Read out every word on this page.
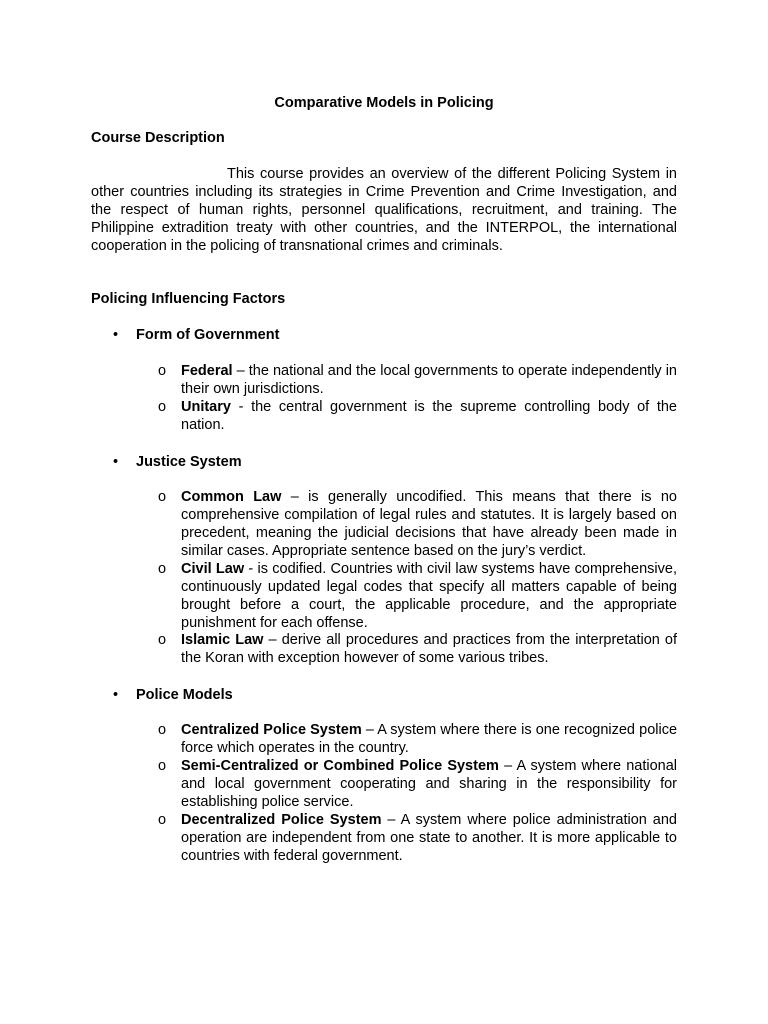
Comparative Models in Policing
Course Description

This course provides an overview of the different Policing System in other countries including its strategies in Crime Prevention and Crime Investigation, and the respect of human rights, personnel qualifications, recruitment, and training. The Philippine extradition treaty with other countries, and the INTERPOL, the international cooperation in the policing of transnational crimes and criminals.

Policing Influencing Factors
• Form of Government
o	Federal – the national and the local governments to operate independently in their own jurisdictions.
o	Unitary - the central government is the supreme controlling body of the nation.
• Justice System
o	Common Law – is generally uncodified. This means that there is no comprehensive compilation of legal rules and statutes. It is largely based on precedent, meaning the judicial decisions that have already been made in similar cases. Appropriate sentence based on the jury’s verdict.
o	Civil Law - is codified. Countries with civil law systems have comprehensive, continuously updated legal codes that specify all matters capable of being brought before a court, the applicable procedure, and the appropriate punishment for each offense.
o	Islamic Law – derive all procedures and practices from the interpretation of the Koran with exception however of some various tribes.
• Police Models
o	Centralized Police System – A system where there is one recognized police force which operates in the country.
o	Semi-Centralized or Combined Police System – A system where national and local government cooperating and sharing in the responsibility for establishing police service.
o	Decentralized Police System – A system where police administration and operation are independent from one state to another. It is more applicable to countries with federal government.
